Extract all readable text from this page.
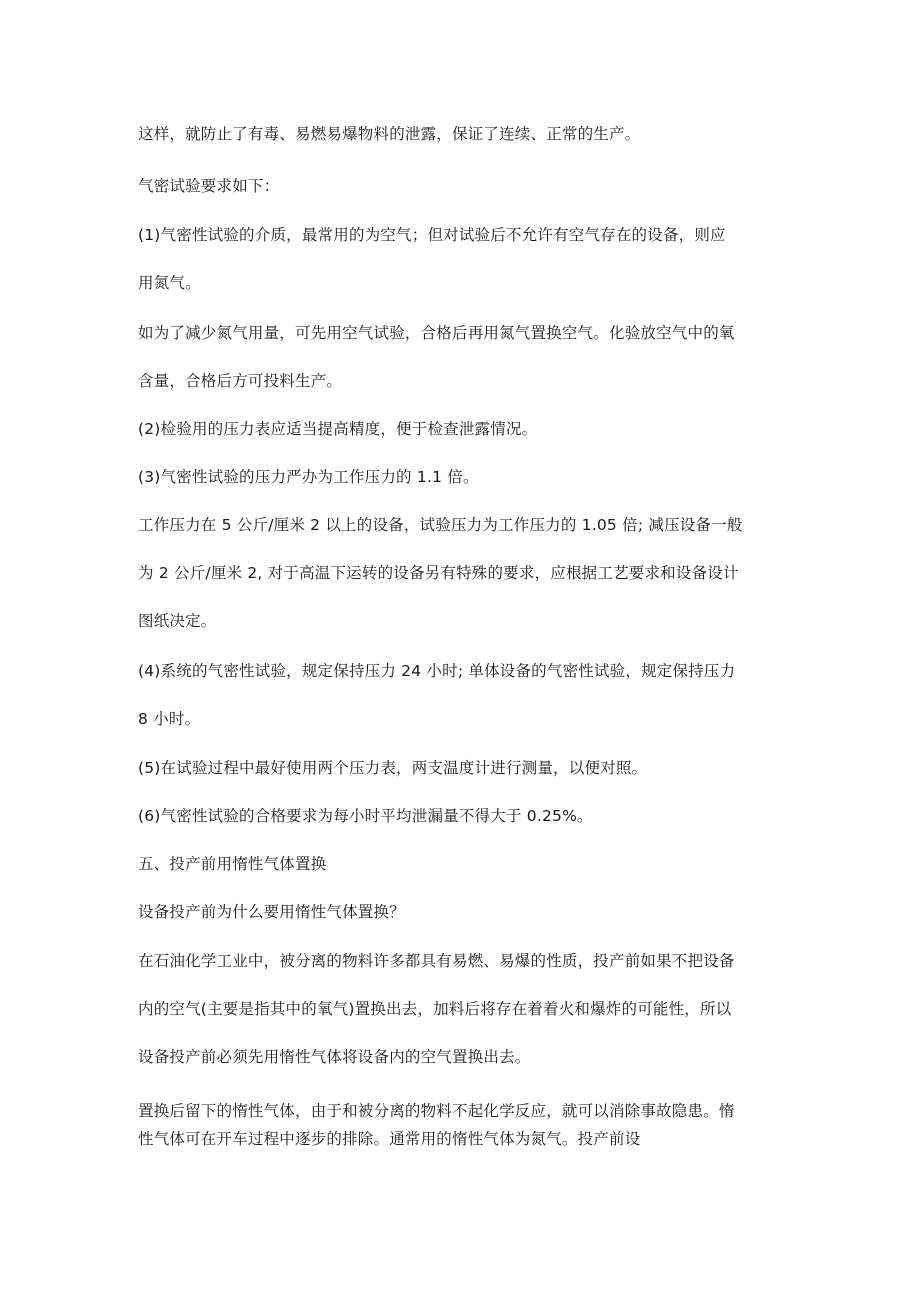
这样，就防止了有毒、易燃易爆物料的泄露，保证了连续、正常的生产。
气密试验要求如下：
(1)气密性试验的介质，最常用的为空气；但对试验后不允许有空气存在的设备，则应
用氮气。
如为了减少氮气用量，可先用空气试验，合格后再用氮气置换空气。化验放空气中的氧
含量，合格后方可投料生产。
(2)检验用的压力表应适当提高精度，便于检查泄露情况。
(3)气密性试验的压力严办为工作压力的 1.1 倍。
工作压力在 5 公斤/厘米 2 以上的设备，试验压力为工作压力的 1.05 倍; 减压设备一般
为 2 公斤/厘米 2, 对于高温下运转的设备另有特殊的要求，应根据工艺要求和设备设计
图纸决定。
(4)系统的气密性试验，规定保持压力 24 小时; 单体设备的气密性试验，规定保持压力
8 小时。
(5)在试验过程中最好使用两个压力表，两支温度计进行测量，以便对照。
(6)气密性试验的合格要求为每小时平均泄漏量不得大于 0.25%。
五、投产前用惰性气体置换
设备投产前为什么要用惰性气体置换？
在石油化学工业中，被分离的物料许多都具有易燃、易爆的性质，投产前如果不把设备
内的空气(主要是指其中的氧气)置换出去，加料后将存在着着火和爆炸的可能性，所以
设备投产前必须先用惰性气体将设备内的空气置换出去。
置换后留下的惰性气体，由于和被分离的物料不起化学反应，就可以消除事故隐患。惰
性气体可在开车过程中逐步的排除。通常用的惰性气体为氮气。投产前设
